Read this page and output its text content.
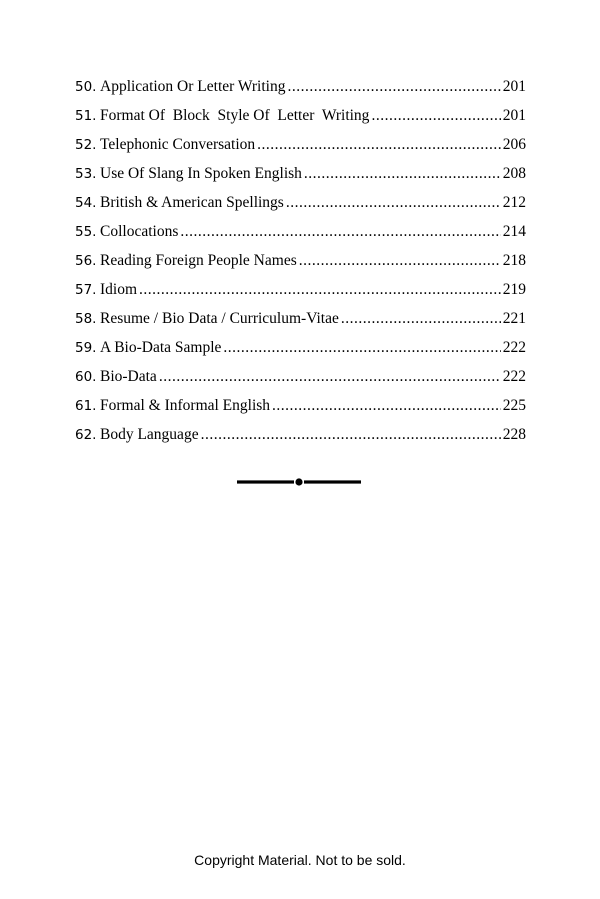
50. Application Or Letter Writing .....	201
51. Format Of  Block  Style Of  Letter  Writing .....	201
52. Telephonic Conversation .....	206
53. Use Of Slang In Spoken English .....	208
54. British & American Spellings .....	212
55. Collocations .....	214
56. Reading Foreign People Names .....	218
57. Idiom .....	219
58. Resume / Bio Data / Curriculum-Vitae .....	221
59. A Bio-Data Sample .....	222
60. Bio-Data .....	222
61. Formal & Informal English .....	225
62. Body Language .....	228
Copyright Material. Not to be sold.
